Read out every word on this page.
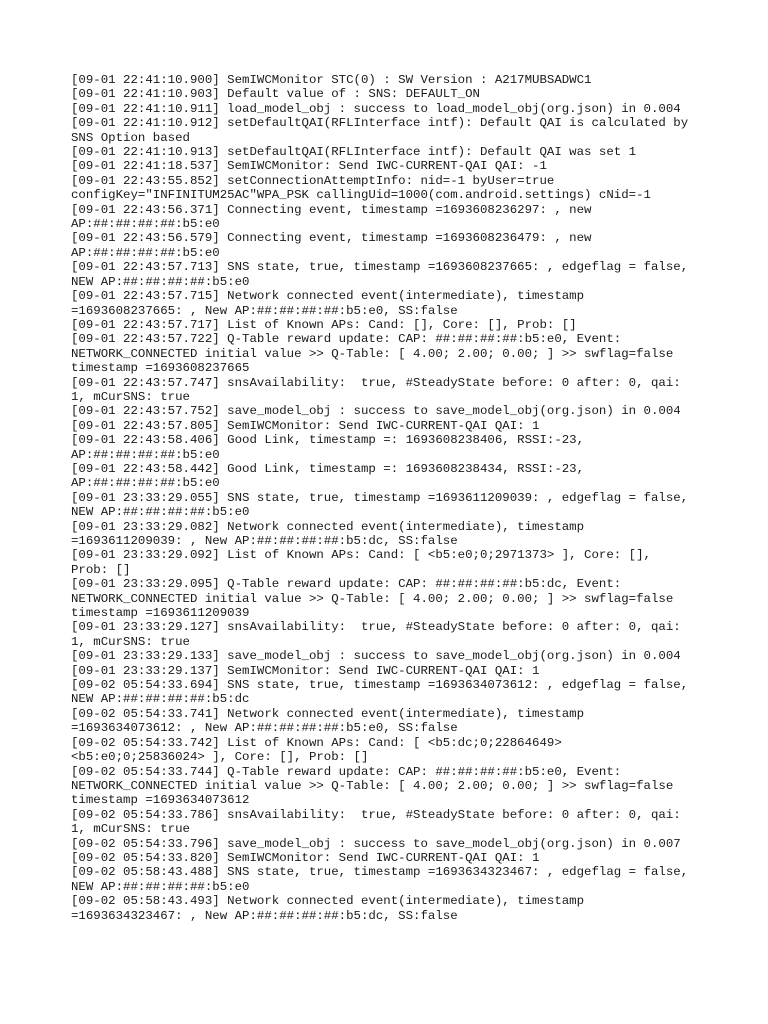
[09-01 22:41:10.900] SemIWCMonitor STC(0) : SW Version : A217MUBSADWC1
[09-01 22:41:10.903] Default value of : SNS: DEFAULT_ON
[09-01 22:41:10.911] load_model_obj : success to load_model_obj(org.json) in 0.004
[09-01 22:41:10.912] setDefaultQAI(RFLInterface intf): Default QAI is calculated by
SNS Option based
[09-01 22:41:10.913] setDefaultQAI(RFLInterface intf): Default QAI was set 1
[09-01 22:41:18.537] SemIWCMonitor: Send IWC-CURRENT-QAI QAI: -1
[09-01 22:43:55.852] setConnectionAttemptInfo: nid=-1 byUser=true
configKey="INFINITUM25AC"WPA_PSK callingUid=1000(com.android.settings) cNid=-1
[09-01 22:43:56.371] Connecting event, timestamp =1693608236297: , new
AP:##:##:##:##:b5:e0
[09-01 22:43:56.579] Connecting event, timestamp =1693608236479: , new
AP:##:##:##:##:b5:e0
[09-01 22:43:57.713] SNS state, true, timestamp =1693608237665: , edgeflag = false,
NEW AP:##:##:##:##:b5:e0
[09-01 22:43:57.715] Network connected event(intermediate), timestamp
=1693608237665: , New AP:##:##:##:##:b5:e0, SS:false
[09-01 22:43:57.717] List of Known APs: Cand: [], Core: [], Prob: []
[09-01 22:43:57.722] Q-Table reward update: CAP: ##:##:##:##:b5:e0, Event:
NETWORK_CONNECTED initial value >> Q-Table: [ 4.00; 2.00; 0.00; ] >> swflag=false
timestamp =1693608237665
[09-01 22:43:57.747] snsAvailability:  true, #SteadyState before: 0 after: 0, qai:
1, mCurSNS: true
[09-01 22:43:57.752] save_model_obj : success to save_model_obj(org.json) in 0.004
[09-01 22:43:57.805] SemIWCMonitor: Send IWC-CURRENT-QAI QAI: 1
[09-01 22:43:58.406] Good Link, timestamp =: 1693608238406, RSSI:-23,
AP:##:##:##:##:b5:e0
[09-01 22:43:58.442] Good Link, timestamp =: 1693608238434, RSSI:-23,
AP:##:##:##:##:b5:e0
[09-01 23:33:29.055] SNS state, true, timestamp =1693611209039: , edgeflag = false,
NEW AP:##:##:##:##:b5:e0
[09-01 23:33:29.082] Network connected event(intermediate), timestamp
=1693611209039: , New AP:##:##:##:##:b5:dc, SS:false
[09-01 23:33:29.092] List of Known APs: Cand: [ <b5:e0;0;2971373> ], Core: [],
Prob: []
[09-01 23:33:29.095] Q-Table reward update: CAP: ##:##:##:##:b5:dc, Event:
NETWORK_CONNECTED initial value >> Q-Table: [ 4.00; 2.00; 0.00; ] >> swflag=false
timestamp =1693611209039
[09-01 23:33:29.127] snsAvailability:  true, #SteadyState before: 0 after: 0, qai:
1, mCurSNS: true
[09-01 23:33:29.133] save_model_obj : success to save_model_obj(org.json) in 0.004
[09-01 23:33:29.137] SemIWCMonitor: Send IWC-CURRENT-QAI QAI: 1
[09-02 05:54:33.694] SNS state, true, timestamp =1693634073612: , edgeflag = false,
NEW AP:##:##:##:##:b5:dc
[09-02 05:54:33.741] Network connected event(intermediate), timestamp
=1693634073612: , New AP:##:##:##:##:b5:e0, SS:false
[09-02 05:54:33.742] List of Known APs: Cand: [ <b5:dc;0;22864649>
<b5:e0;0;25836024> ], Core: [], Prob: []
[09-02 05:54:33.744] Q-Table reward update: CAP: ##:##:##:##:b5:e0, Event:
NETWORK_CONNECTED initial value >> Q-Table: [ 4.00; 2.00; 0.00; ] >> swflag=false
timestamp =1693634073612
[09-02 05:54:33.786] snsAvailability:  true, #SteadyState before: 0 after: 0, qai:
1, mCurSNS: true
[09-02 05:54:33.796] save_model_obj : success to save_model_obj(org.json) in 0.007
[09-02 05:54:33.820] SemIWCMonitor: Send IWC-CURRENT-QAI QAI: 1
[09-02 05:58:43.488] SNS state, true, timestamp =1693634323467: , edgeflag = false,
NEW AP:##:##:##:##:b5:e0
[09-02 05:58:43.493] Network connected event(intermediate), timestamp
=1693634323467: , New AP:##:##:##:##:b5:dc, SS:false
